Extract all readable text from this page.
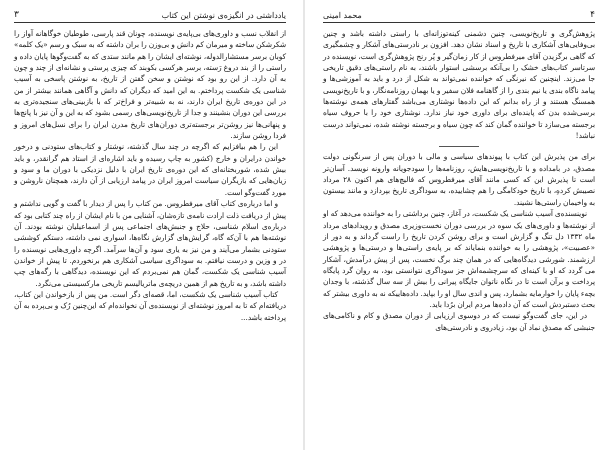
یادداشتی در انگیزه‌ی نوشتن این کتاب
۳

از انقلاب نسب و داوری‌های بی‌پایه‌ی نویسنده، چونان قند پارسی، طوطیان خوگاهانه آواز را شکرشکن ساخته و میرمان کم دانش و بی‌وزن را بران داشته که به سبک و رسم «یک کلمه» کوبان برسر مستشارالدوله، نوشته‌ای ایشان را هم مانند ستدی که به گفت‌وگوها پایان داده و راستی را از بند دروغ رَسته، برسر هرکسی بکوبند که چیزی پرستی و نشانه‌ای از چند و چون به آن دارد. از این رو بود که نوشتن و سخن گفتن از تاریخ، به نوشتن پاسخی به آسیب شناسی یک شکست پرداختم. به این امید که دیگران که دانش و آگاهی همانند بیشتر از من در این دوره‌ی تاریخ ایران دارند، نه به شبیه‌تر و فراخ‌تر که با بازبینی‌های سنجیده‌تری به بررسی این دوران بنشینند و جدا از تاریخ‌نویسی‌های رسمی بشود که به این و آن نیز با پانچ‌ها و پنهانی‌ها نیز روشن‌تر برجسته‌تری دوران‌های تاریخ مدرن ایران را برای نسل‌های امروز و فردا روشن سازند.

این را هم بیافزایم که اگرچه در چند سال گذشته، نوشتار و کتاب‌های ستودنی و درخور خواندن درایران و خارج (کشور به‌ چاپ رسیده و باید اشاره‌ای از استاد هم گرانقدر، و باید بیش شده، شوربختانه‌ای که این دوره‌ی تاریخ ایران با دلیل نزدیکی با دوران ما و سود و زیان‌هایی که بازیگران سیاست امروز ایران در پیامد ارزیابی از آن دارند، همچنان ناروشن و مورد گفت‌وگو است.

و اما درباره‌ی کتاب آقای میرفطروس. من کتاب را پس از دیدار با گفت و گویی نداشتم و پیش از دریافت ذلت ارادت نامه‌ی تازه‌شان، آشنایی من با نام ایشان از راه چند کتابی بود که درباره‌ی اسلام شناسی، حلاج و جنبش‌های اجتماعی پس از اسماعیلیان نوشته بودند. آن نوشته‌ها هم با آن‌که گاه، گرایش‌های گزارش نگاه‌ها، اسواری نمی داشته، دستکم کوششی ستودنی بشمار می‌آیند و من نیز به‌ یاری سود و آن‌ها سرآمد. اگرچه داوری‌هایی نویسنده را در و وزین و درست نیافتم. به سوداگری سیاسی آشکاری هم برنخوردم. تا پیش از خواندن آسیب شناسی یک شکست، گمان هم نمی‌بردم که این نویسنده، دیدگاهی با رگه‌های چپ داشته باشد، و به تاریخ هم از همین دریچه‌ی ماتریالیسم تاریخی مارکسیستی می‌نگرد.

کتاب آسیب شناسی یک شکست، اما، قصه‌ای دگر است. من پس از بازخواندن این کتاب، دریافته‌ام که تا به امروز نوشته‌ای از نویسنده‌ی آن نخوانده‌ام که این‌چنین رُک و بی‌پرده به آن پرداخته باشد...

۴
محمد امینی

پژوهش‌گری و تاریخ‌نویسی، چنین دشمنی کینه‌توزانه‌ای با راستی داشته باشد و چنین بی‌وفایی‌های آشکاری با تاریخ و اسناد نشان دهد. افزون بر نادرستی‌های آشکار و چشمگیری که گاهی برگزیدن آقای میرفطروس از کار زمان‌گیر و پُر رنج پژوهش‌گری است، نویسنده در سرتاسر کتاب‌های خشک را بی‌آنکه برسشی استوار باشند، به نام راستی‌های دقیق تاریخی جا می‌زند. اینچنین که نیرنگی که خواننده نمی‌تواند به شکل از درد و باید به آموزشی‌ها و پیامد ناگاه بندی یا نیم بندی را از گاهنامه فلان سفیر و یا بهمان روزنامه‌نگار، و با تاریخ‌نویسی همسنگ هستند و از راه بدانم که این داده‌ها نوشتاری می‌باشد گفتارهای همه‌ی نوشته‌ها برسی‌شده بدن که پاینده‌ای برای داوری خود نیاز ندارد. نوشتاری خود را با حروف سیاه برجسته می‌سازد تا خواننده گمان کند که چون سیاه و برجسته نوشته شده، نمی‌تواند درست نباشد!

برای من پذیرش این کتاب با پیوندهای سیاسی و مالی با دوران پس از سرنگونی دولت مصدق، در بامداده و با تاریخ‌نویسی‌هایش، روزنامه‌ها را سودجویانه وارونه نویسد. آسان‌تر است تا پذیرش این که کسی مانند آقای میرفطروس که فالیچ‌های هم اکنون ۲۸ مرداد نصیبش کردهِ، با تاریخ خودکامگی را هم چشاییده، به سوداگری تاریخ بپردازد و مانند بیستون به واخیمان راستی‌ها نشیند.

نوینسنده‌ی آسیب شناسی یک شکست، در آغاز، چنین برداشتی را به خواننده می‌دهد که او از نوشته‌ها و داوری‌های یک سوه در بررسی دوران نخست‌وزیری مصدق و رویدادهای مرداد ماه ۱۳۳۲ دل تنگ و گزارش است و برای روشن کردن تاریخ را راست گرداند و به دور از «عصبیت»، پژوهشی را به خواننده بنمایاند که بر پایه‌ی راستی‌ها و درستی‌ها و پژوهشی ارزشمند. شورشی دیدگاه‌هایی که در همان چند برگ نخست، پس از پیش درآمدش، آشکار می گردد که او با کینه‌ای که سرچشمه‌اش جز سوداگری نتوانستی بود، به روان گرد پایگاه پرداخت و برآن است تا در نگاه ناتوان جایگاه پیرانی را بیش از سه سال گذشته، با وجدان بچهء پایان را خوارمایه بشمارد، پس و اندی سال او را بپاید. داده‌هاییکه نه به داوری بیشتر که بحث دستبردش است که آن داده‌ها مردم ایران برُدا باید.

در این، جای گفت‌وگو نیست که در دوسوی ارزیابی از دوران مصدق و کام و ناکامی‌های جنبشی که مصدق نماد آن بود، زیادروی و نادرستی‌های
